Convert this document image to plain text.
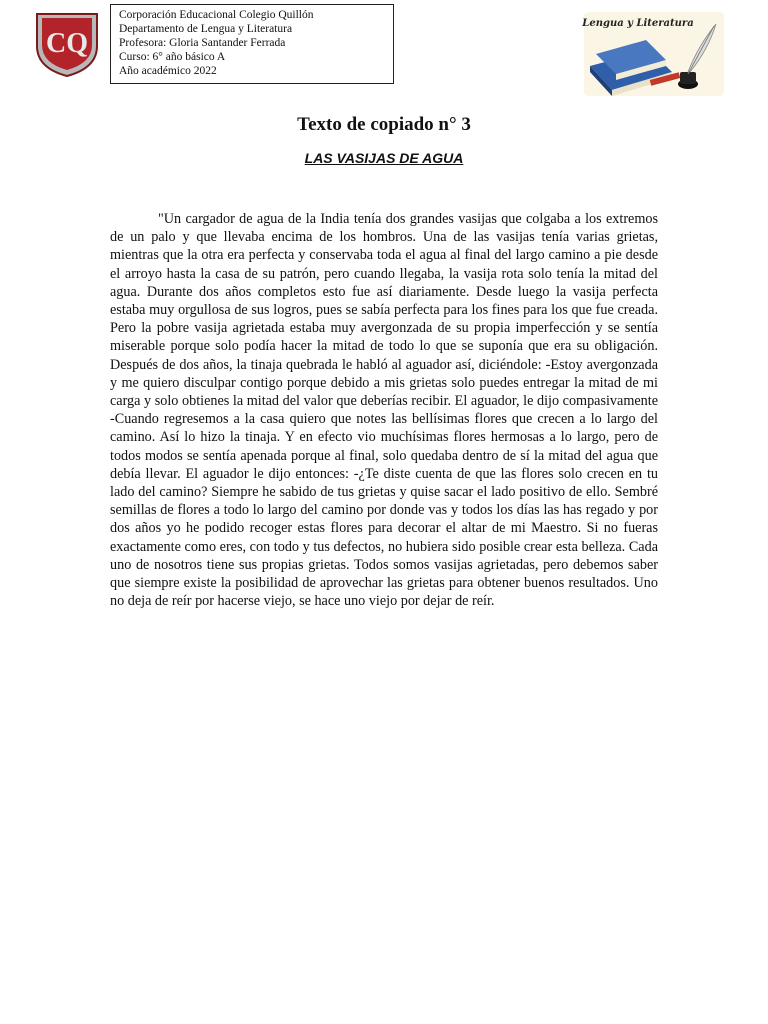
CQ
Corporación Educacional Colegio Quillón
Departamento de Lengua y Literatura
Profesora: Gloria Santander Ferrada
Curso: 6° año básico A
Año académico 2022
Lengua y Literatura
Texto de copiado n° 3
LAS VASIJAS DE AGUA

"Un cargador de agua de la India tenía dos grandes vasijas que colgaba a los extremos de un palo y que llevaba encima de los hombros. Una de las vasijas tenía varias grietas, mientras que la otra era perfecta y conservaba toda el agua al final del largo camino a pie desde el arroyo hasta la casa de su patrón, pero cuando llegaba, la vasija rota solo tenía la mitad del agua. Durante dos años completos esto fue así diariamente. Desde luego la vasija perfecta estaba muy orgullosa de sus logros, pues se sabía perfecta para los fines para los que fue creada. Pero la pobre vasija agrietada estaba muy avergonzada de su propia imperfección y se sentía miserable porque solo podía hacer la mitad de todo lo que se suponía que era su obligación. Después de dos años, la tinaja quebrada le habló al aguador así, diciéndole: -Estoy avergonzada y me quiero disculpar contigo porque debido a mis grietas solo puedes entregar la mitad de mi carga y solo obtienes la mitad del valor que deberías recibir. El aguador, le dijo compasivamente -Cuando regresemos a la casa quiero que notes las bellísimas flores que crecen a lo largo del camino. Así lo hizo la tinaja. Y en efecto vio muchísimas flores hermosas a lo largo, pero de todos modos se sentía apenada porque al final, solo quedaba dentro de sí la mitad del agua que debía llevar. El aguador le dijo entonces: -¿Te diste cuenta de que las flores solo crecen en tu lado del camino? Siempre he sabido de tus grietas y quise sacar el lado positivo de ello. Sembré semillas de flores a todo lo largo del camino por donde vas y todos los días las has regado y por dos años yo he podido recoger estas flores para decorar el altar de mi Maestro. Si no fueras exactamente como eres, con todo y tus defectos, no hubiera sido posible crear esta belleza. Cada uno de nosotros tiene sus propias grietas. Todos somos vasijas agrietadas, pero debemos saber que siempre existe la posibilidad de aprovechar las grietas para obtener buenos resultados. Uno no deja de reír por hacerse viejo, se hace uno viejo por dejar de reír.
